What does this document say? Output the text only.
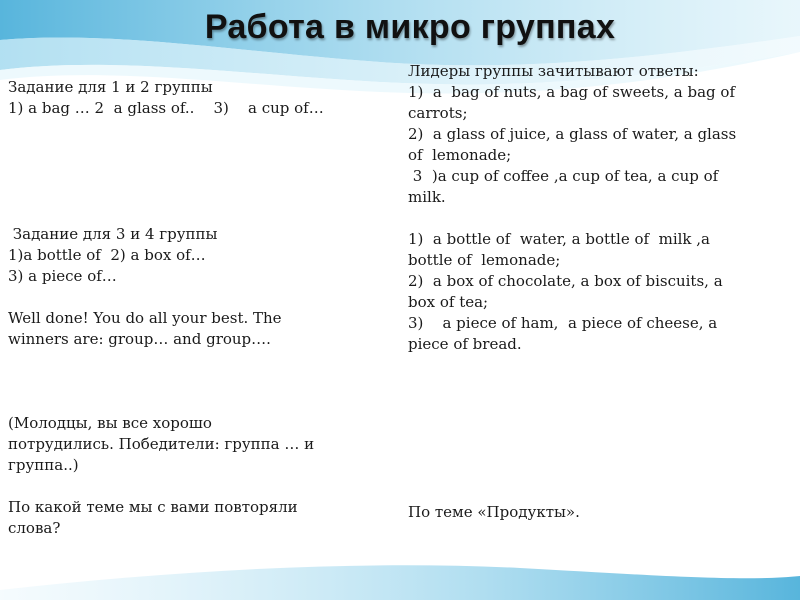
Работа в микро группах
Задание для 1 и 2 группы
1) a bag … 2  a glass of..    3)    a cup of…
Задание для 3 и 4 группы
1)a bottle of  2) a box of…
3) a piece of…
Well done! You do all your best. The
winners are: group… and group….
(Молодцы, вы все хорошо
потрудились. Победители: группа … и
группа..)
По какой теме мы с вами повторяли
слова?
Лидеры группы зачитывают ответы:
1)  a  bag of nuts, a bag of sweets, a bag of
carrots;
2)  a glass of juice, a glass of water, a glass
of  lemonade;
3  )a cup of coffee ,a cup of tea, a cup of
milk.
1)  a bottle of  water, a bottle of  milk ,a
bottle of  lemonade;
2)  a box of chocolate, a box of biscuits, a
box of tea;
3)    a piece of ham,  a piece of cheese, a
piece of bread.
По теме «Продукты».
